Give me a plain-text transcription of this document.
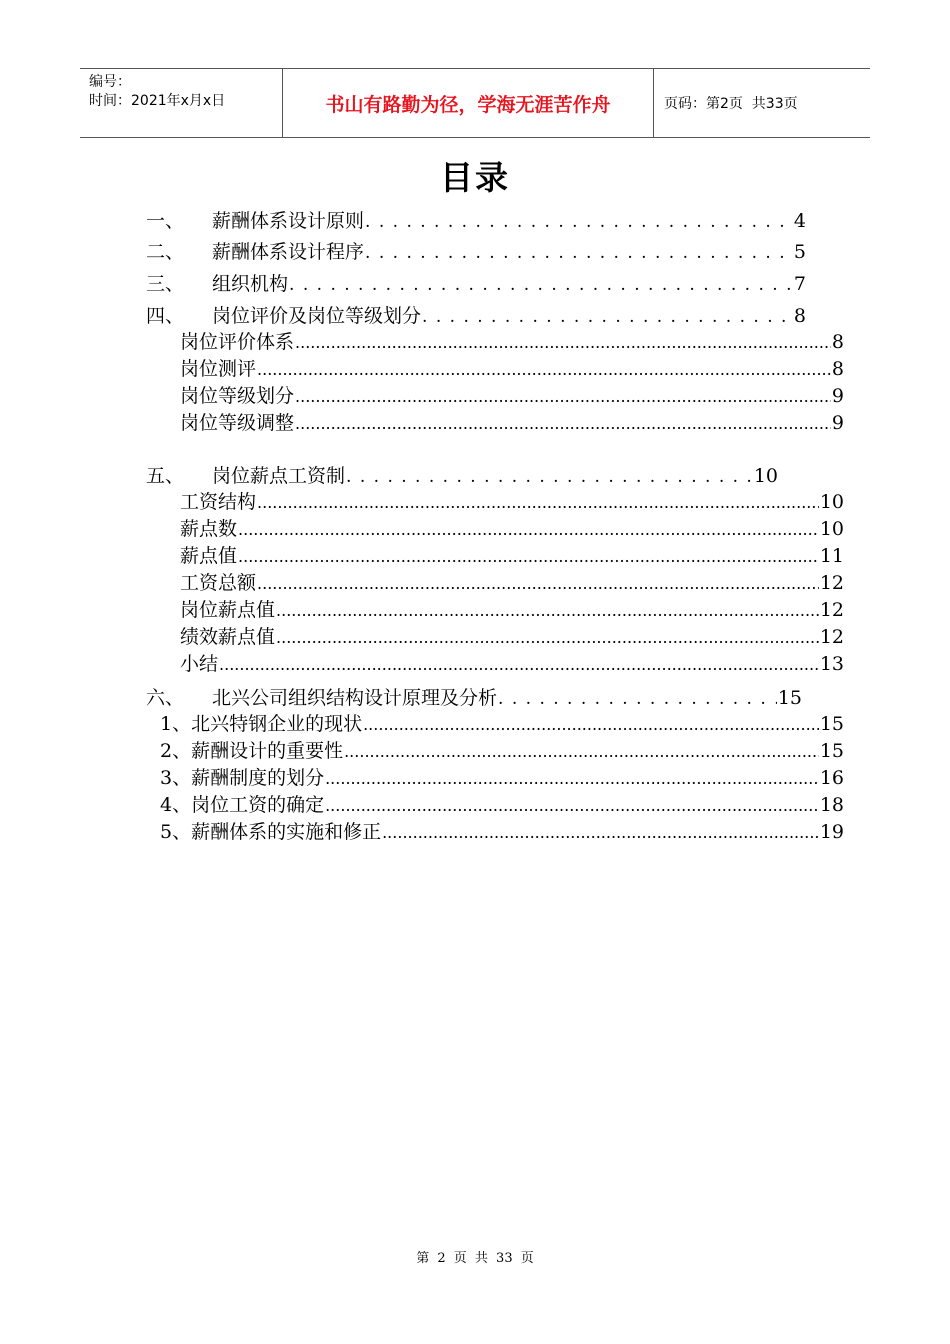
编号：
时间：2021年x月x日	书山有路勤为径，学海无涯苦作舟	页码：第2页  共33页
目录
一、	薪酬体系设计原则 . . .	4
二、	薪酬体系设计程序 . . .	5
三、	组织机构 . . .	7
四、	岗位评价及岗位等级划分 . . .	8
岗位评价体系 .....	8
岗位测评 .....	8
岗位等级划分 .....	9
岗位等级调整 .....	9
五、	岗位薪点工资制 . . .	10
工资结构 .....	10
薪点数 .....	10
薪点值 .....	11
工资总额 .....	12
岗位薪点值 .....	12
绩效薪点值 .....	12
小结 .....	13
六、	北兴公司组织结构设计原理及分析 . . .	15
1、北兴特钢企业的现状 .....	15
2、薪酬设计的重要性 .....	15
3、薪酬制度的划分 .....	16
4、岗位工资的确定 .....	18
5、薪酬体系的实施和修正 .....	19
第 2 页 共 33 页
